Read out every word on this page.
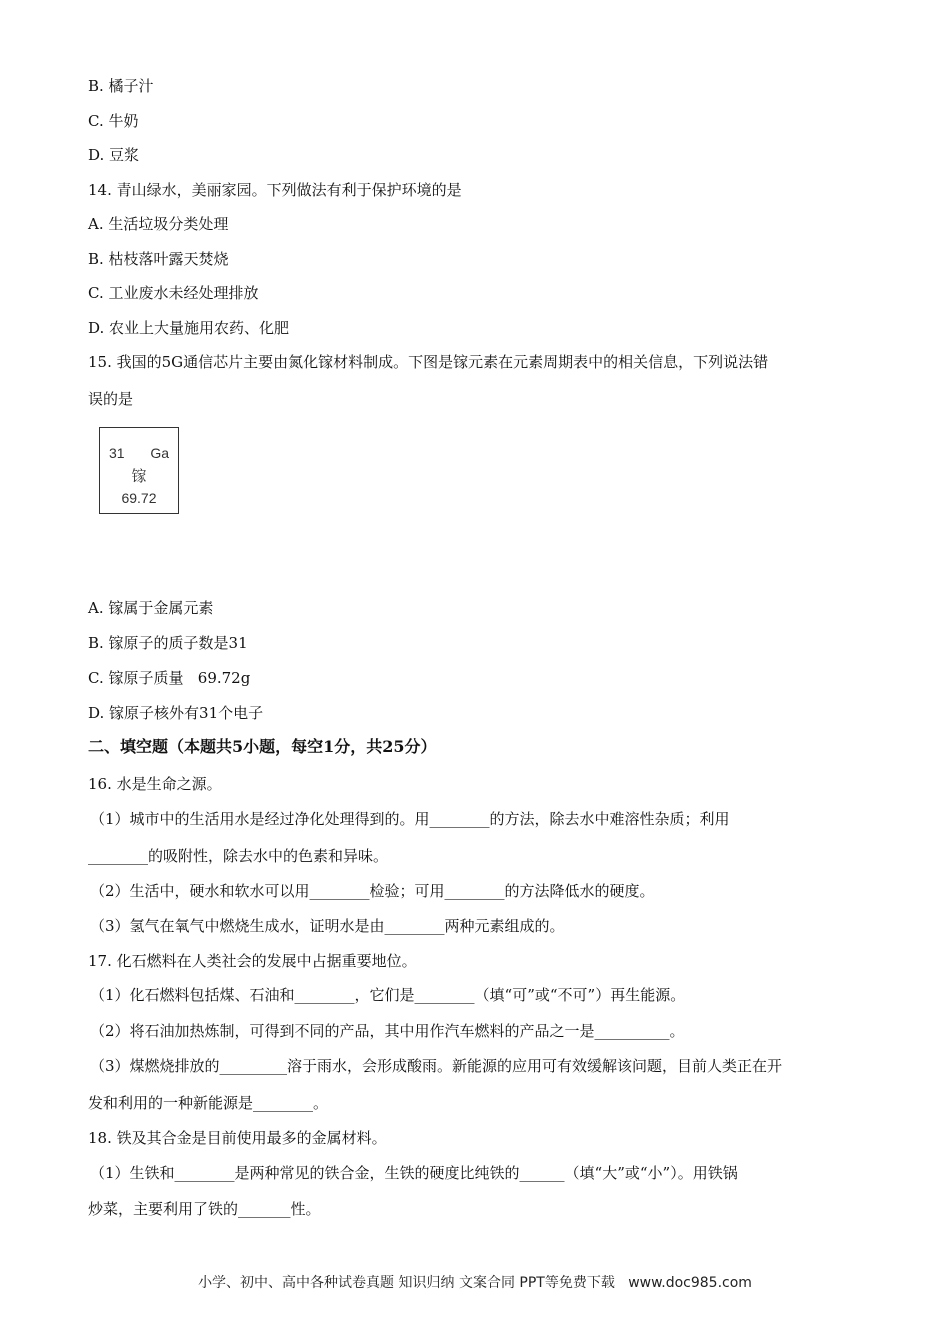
B. 橘子汁
C. 牛奶
D. 豆浆
14. 青山绿水，美丽家园。下列做法有利于保护环境的是
A. 生活垃圾分类处理
B. 枯枝落叶露天焚烧
C. 工业废水未经处理排放
D. 农业上大量施用农药、化肥
15. 我国的5G通信芯片主要由氮化镓材料制成。下图是镓元素在元素周期表中的相关信息，下列说法错
误的是
31 Ga
镓
69.72
A. 镓属于金属元素
B. 镓原子的质子数是31
C. 镓原子质量   69.72g
D. 镓原子核外有31个电子
二、填空题（本题共5小题，每空1分，共25分）
16. 水是生命之源。
（1）城市中的生活用水是经过净化处理得到的。用________的方法，除去水中难溶性杂质；利用
________的吸附性，除去水中的色素和异味。
（2）生活中，硬水和软水可以用________检验；可用________的方法降低水的硬度。
（3）氢气在氧气中燃烧生成水，证明水是由________两种元素组成的。
17. 化石燃料在人类社会的发展中占据重要地位。
（1）化石燃料包括煤、石油和________，它们是________（填“可”或“不可”）再生能源。
（2）将石油加热炼制，可得到不同的产品，其中用作汽车燃料的产品之一是__________。
（3）煤燃烧排放的_________溶于雨水，会形成酸雨。新能源的应用可有效缓解该问题，目前人类正在开
发和利用的一种新能源是________。
18. 铁及其合金是目前使用最多的金属材料。
（1）生铁和________是两种常见的铁合金，生铁的硬度比纯铁的______（填“大”或“小”）。用铁锅
炒菜，主要利用了铁的_______性。
小学、初中、高中各种试卷真题 知识归纳 文案合同 PPT等免费下载   www.doc985.com
